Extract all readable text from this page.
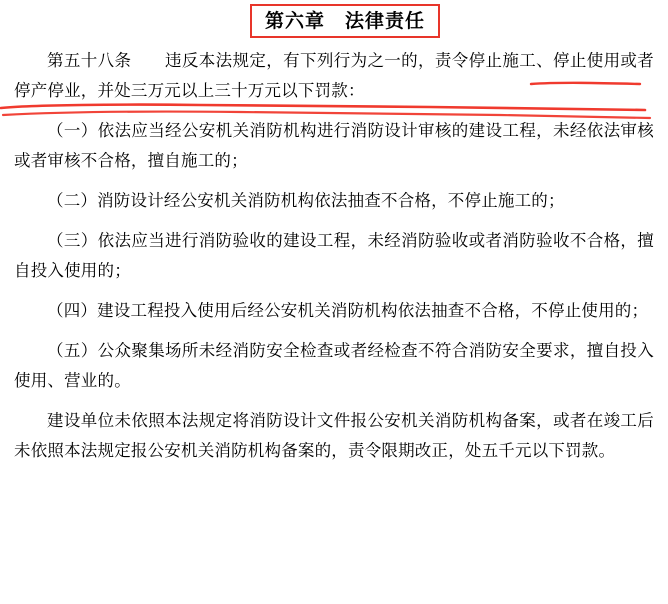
第六章　法律责任

第五十八条　　违反本法规定，有下列行为之一的，责令停止施工、停止使用或者停产停业，并处三万元以上三十万元以下罚款：

（一）依法应当经公安机关消防机构进行消防设计审核的建设工程，未经依法审核或者审核不合格，擅自施工的；

（二）消防设计经公安机关消防机构依法抽查不合格，不停止施工的；

（三）依法应当进行消防验收的建设工程，未经消防验收或者消防验收不合格，擅自投入使用的；

（四）建设工程投入使用后经公安机关消防机构依法抽查不合格，不停止使用的；

（五）公众聚集场所未经消防安全检查或者经检查不符合消防安全要求，擅自投入使用、营业的。

建设单位未依照本法规定将消防设计文件报公安机关消防机构备案，或者在竣工后未依照本法规定报公安机关消防机构备案的，责令限期改正，处五千元以下罚款。
